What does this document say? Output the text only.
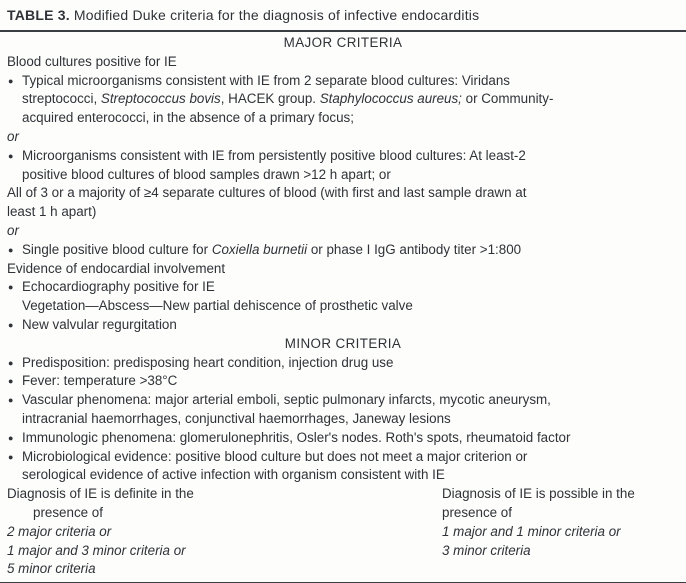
TABLE 3. Modified Duke criteria for the diagnosis of infective endocarditis
MAJOR CRITERIA
Blood cultures positive for IE
● Typical microorganisms consistent with IE from 2 separate blood cultures: Viridans
streptococci, Streptococcus bovis, HACEK group. Staphylococcus aureus; or Community-
acquired enterococci, in the absence of a primary focus;
or
● Microorganisms consistent with IE from persistently positive blood cultures: At least-2
positive blood cultures of blood samples drawn >12 h apart; or
All of 3 or a majority of ≥4 separate cultures of blood (with first and last sample drawn at
least 1 h apart)
or
● Single positive blood culture for Coxiella burnetii or phase I IgG antibody titer >1:800
Evidence of endocardial involvement
● Echocardiography positive for IE
Vegetation—Abscess—New partial dehiscence of prosthetic valve
● New valvular regurgitation
MINOR CRITERIA
● Predisposition: predisposing heart condition, injection drug use
● Fever: temperature >38°C
● Vascular phenomena: major arterial emboli, septic pulmonary infarcts, mycotic aneurysm,
intracranial haemorrhages, conjunctival haemorrhages, Janeway lesions
● Immunologic phenomena: glomerulonephritis, Osler's nodes. Roth's spots, rheumatoid factor
● Microbiological evidence: positive blood culture but does not meet a major criterion or
serological evidence of active infection with organism consistent with IE
Diagnosis of IE is definite in the
presence of
2 major criteria or
1 major and 3 minor criteria or
5 minor criteria
Diagnosis of IE is possible in the
presence of
1 major and 1 minor criteria or
3 minor criteria
